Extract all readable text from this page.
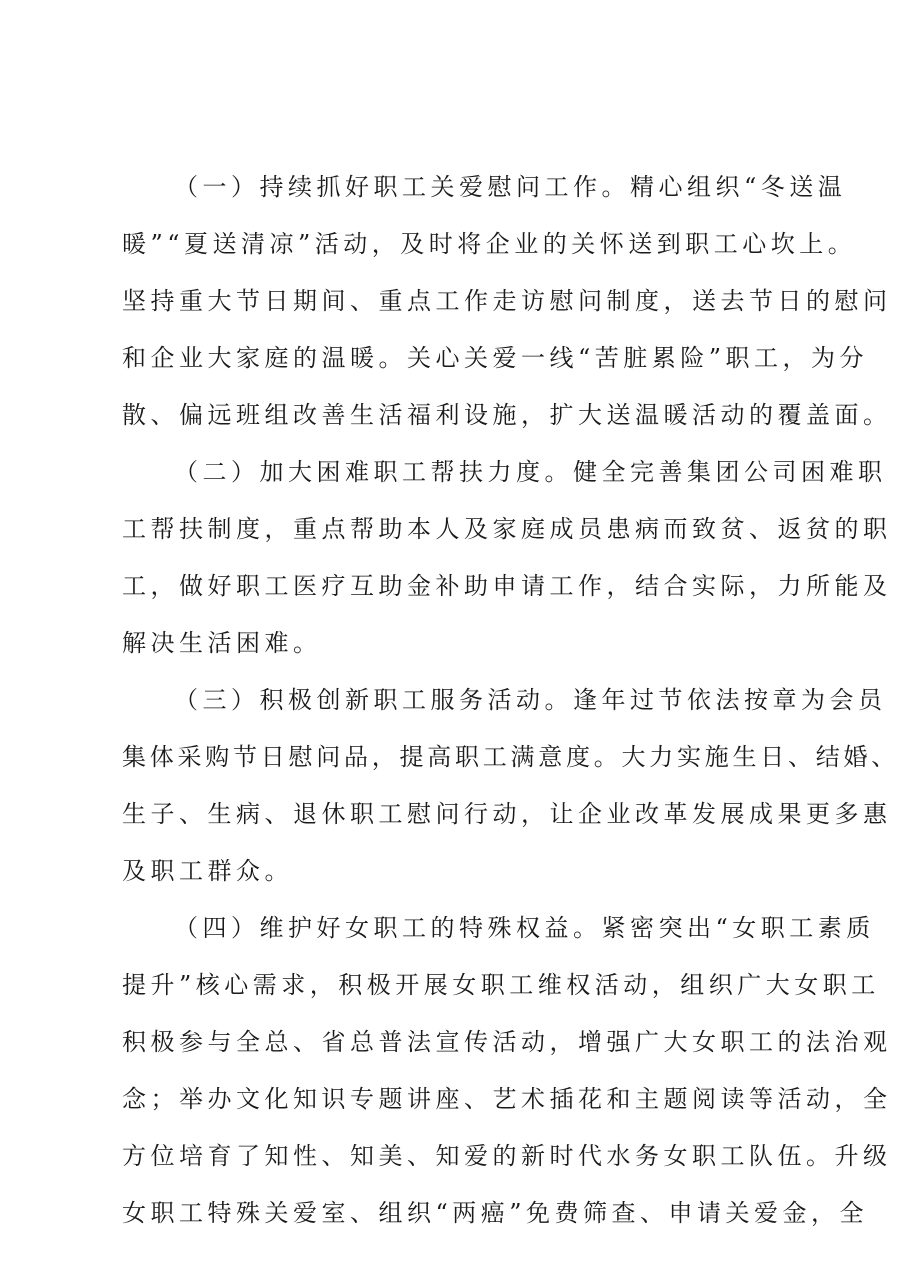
（一）持续抓好职工关爱慰问工作。精心组织“冬送温
暖”“夏送清凉”活动，及时将企业的关怀送到职工心坎上。
坚持重大节日期间、重点工作走访慰问制度，送去节日的慰问
和企业大家庭的温暖。关心关爱一线“苦脏累险”职工，为分
散、偏远班组改善生活福利设施，扩大送温暖活动的覆盖面。
（二）加大困难职工帮扶力度。健全完善集团公司困难职
工帮扶制度，重点帮助本人及家庭成员患病而致贫、返贫的职
工，做好职工医疗互助金补助申请工作，结合实际，力所能及
解决生活困难。
（三）积极创新职工服务活动。逢年过节依法按章为会员
集体采购节日慰问品，提高职工满意度。大力实施生日、结婚、
生子、生病、退休职工慰问行动，让企业改革发展成果更多惠
及职工群众。
（四）维护好女职工的特殊权益。紧密突出“女职工素质
提升”核心需求，积极开展女职工维权活动，组织广大女职工
积极参与全总、省总普法宣传活动，增强广大女职工的法治观
念；举办文化知识专题讲座、艺术插花和主题阅读等活动，全
方位培育了知性、知美、知爱的新时代水务女职工队伍。升级
女职工特殊关爱室、组织“两癌”免费筛查、申请关爱金，全
